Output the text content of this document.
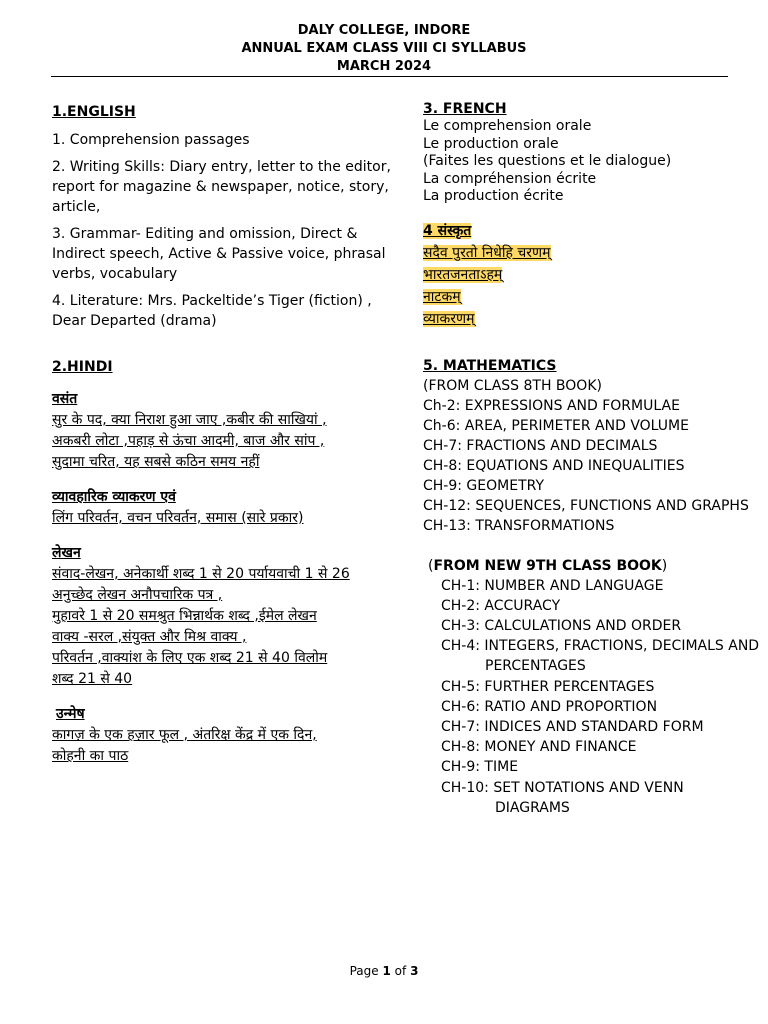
DALY COLLEGE, INDORE
ANNUAL EXAM CLASS VIII CI SYLLABUS
MARCH 2024
1.ENGLISH
1. Comprehension passages
2. Writing Skills: Diary entry, letter to the editor, report for magazine & newspaper, notice, story, article,
3. Grammar- Editing and omission, Direct & Indirect speech, Active & Passive voice, phrasal verbs, vocabulary
4. Literature: Mrs. Packeltide’s Tiger (fiction) , Dear Departed (drama)
2.HINDI
वसंत
सुर के पद, क्या निराश हुआ जाए ,कबीर की साखियां ,
अकबरी लोटा ,पहाड़ से ऊंचा आदमी, बाज और सांप ,
सुदामा चरित, यह सबसे कठिन समय नहीं
व्यावहारिक व्याकरण एवं
लिंग परिवर्तन, वचन परिवर्तन, समास (सारे प्रकार)
लेखन
संवाद-लेखन, अनेकार्थी शब्द 1 से 20 पर्यायवाची 1 से 26
अनुच्छेद लेखन अनौपचारिक पत्र ,
मुहावरे 1 से 20 समश्रुत भिन्नार्थक शब्द ,ईमेल लेखन
वाक्य -सरल ,संयुक्त और मिश्र वाक्य ,
परिवर्तन ,वाक्यांश के लिए एक शब्द 21 से 40 विलोम
शब्द 21 से 40
उन्मेष
कागज़ के एक हज़ार फूल , अंतरिक्ष केंद्र में एक दिन,
कोहनी का पाठ
3. FRENCH
Le comprehension orale
Le production orale
(Faites les questions et le dialogue)
La compréhension écrite
La production écrite
4 संस्कृत
सदैव पुरतो निधेहि चरणम्
भारतजनताऽहम्
नाटकम्
व्याकरणम्
5. MATHEMATICS
(FROM CLASS 8TH BOOK)
Ch-2: EXPRESSIONS AND FORMULAE
Ch-6: AREA, PERIMETER AND VOLUME
CH-7: FRACTIONS AND DECIMALS
CH-8: EQUATIONS AND INEQUALITIES
CH-9: GEOMETRY
CH-12: SEQUENCES, FUNCTIONS AND GRAPHS
CH-13: TRANSFORMATIONS
(FROM NEW 9TH CLASS BOOK)
CH-1: NUMBER AND LANGUAGE
CH-2: ACCURACY
CH-3: CALCULATIONS AND ORDER
CH-4: INTEGERS, FRACTIONS, DECIMALS AND
PERCENTAGES
CH-5: FURTHER PERCENTAGES
CH-6: RATIO AND PROPORTION
CH-7: INDICES AND STANDARD FORM
CH-8: MONEY AND FINANCE
CH-9: TIME
CH-10: SET NOTATIONS AND VENN
DIAGRAMS
Page 1 of 3
